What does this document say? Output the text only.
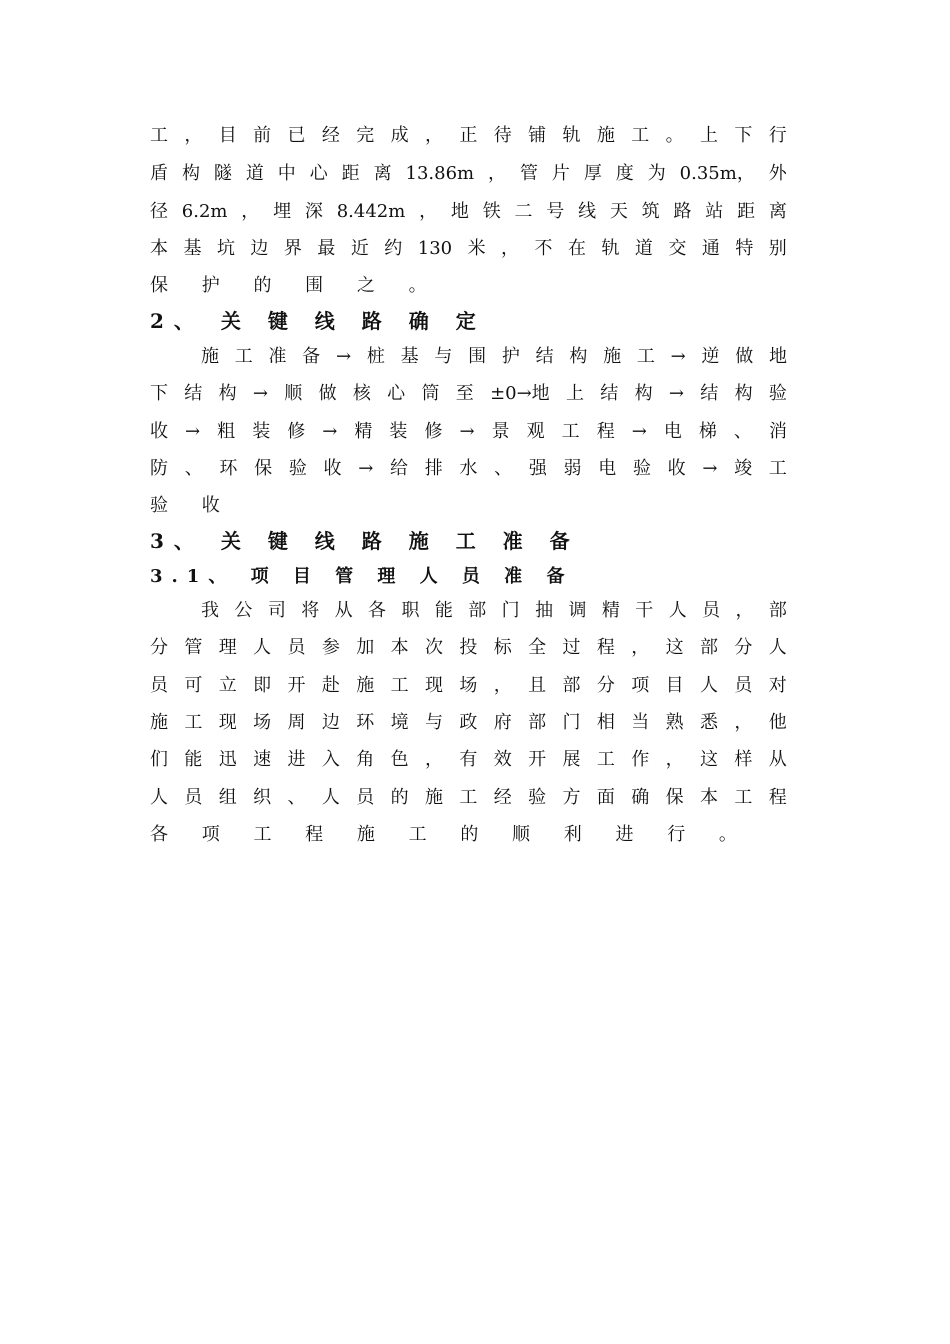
工 ， 目 前 已 经 完 成 ， 正 待 铺 轨 施 工 。 上 下 行
盾 构 隧 道 中 心 距 离 13.86m ， 管 片 厚 度 为 0.35m， 外
径 6.2m ， 埋 深 8.442m ， 地 铁 二 号 线 天 筑 路 站 距 离
本 基 坑 边 界 最 近 约 130 米 ， 不 在 轨 道 交 通 特 别
保 护 的 围 之 。
2、 关 键 线 路 确 定
施 工 准 备 → 桩 基 与 围 护 结 构 施 工 → 逆 做 地
下 结 构 → 顺 做 核 心 筒 至 ±0→地 上 结 构 → 结 构 验
收 → 粗 装 修 → 精 装 修 → 景 观 工 程 → 电 梯 、 消
防 、 环 保 验 收 → 给 排 水 、 强 弱 电 验 收 → 竣 工
验 收
3、 关 键 线 路 施 工 准 备
3.1、 项 目 管 理 人 员 准 备
我 公 司 将 从 各 职 能 部 门 抽 调 精 干 人 员 ， 部
分 管 理 人 员 参 加 本 次 投 标 全 过 程 ， 这 部 分 人
员 可 立 即 开 赴 施 工 现 场 ， 且 部 分 项 目 人 员 对
施 工 现 场 周 边 环 境 与 政 府 部 门 相 当 熟 悉 ， 他
们 能 迅 速 进 入 角 色 ， 有 效 开 展 工 作 ， 这 样 从
人 员 组 织 、 人 员 的 施 工 经 验 方 面 确 保 本 工 程
各 项 工 程 施 工 的 顺 利 进 行 。
